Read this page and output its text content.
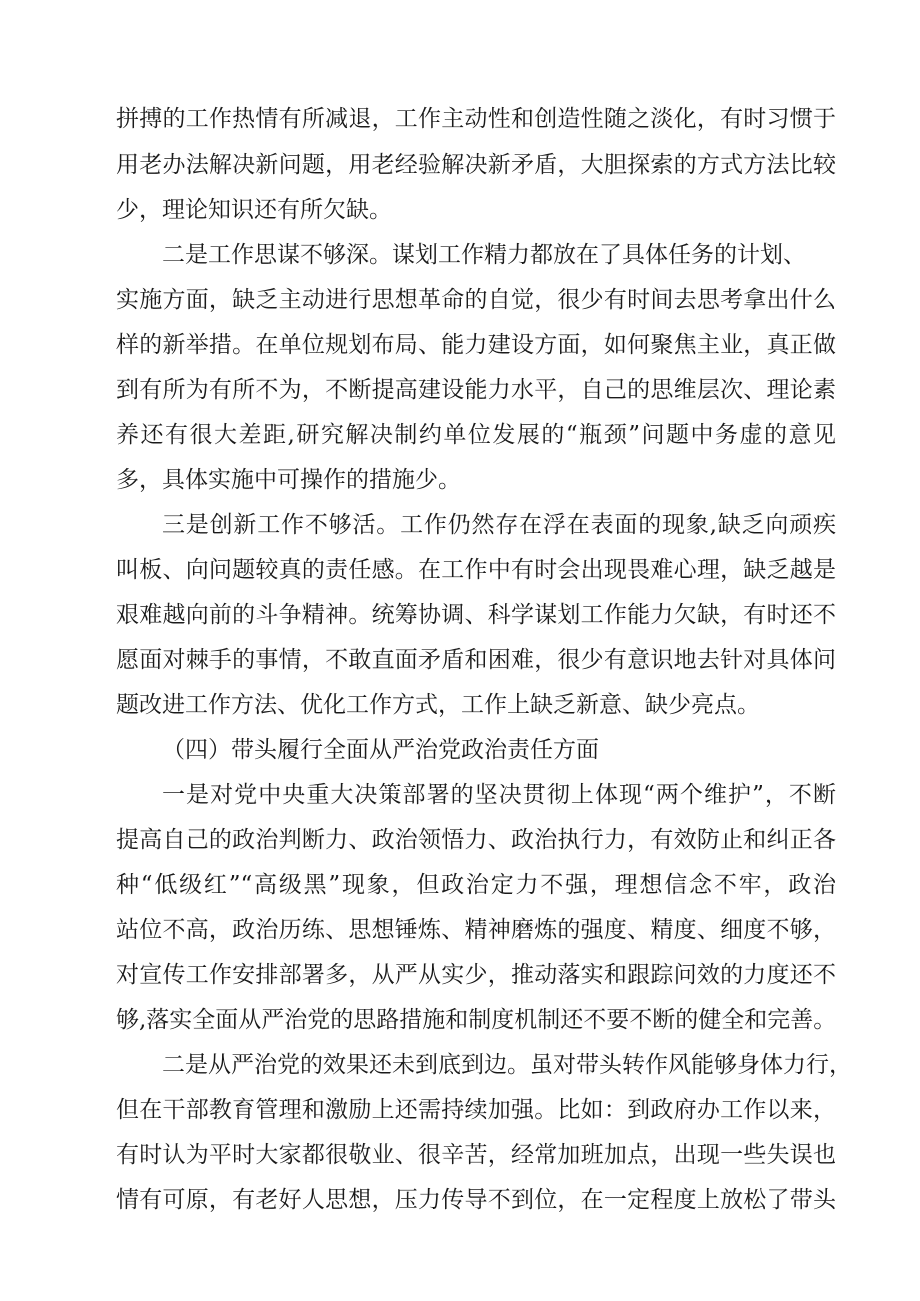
拼搏的工作热情有所减退，工作主动性和创造性随之淡化，有时习惯于
用老办法解决新问题，用老经验解决新矛盾，大胆探索的方式方法比较
少，理论知识还有所欠缺。
二是工作思谋不够深。谋划工作精力都放在了具体任务的计划、
实施方面，缺乏主动进行思想革命的自觉，很少有时间去思考拿出什么
样的新举措。在单位规划布局、能力建设方面，如何聚焦主业，真正做
到有所为有所不为，不断提高建设能力水平，自己的思维层次、理论素
养还有很大差距,研究解决制约单位发展的“瓶颈”问题中务虚的意见
多，具体实施中可操作的措施少。
三是创新工作不够活。工作仍然存在浮在表面的现象,缺乏向顽疾
叫板、向问题较真的责任感。在工作中有时会出现畏难心理，缺乏越是
艰难越向前的斗争精神。统筹协调、科学谋划工作能力欠缺，有时还不
愿面对棘手的事情，不敢直面矛盾和困难，很少有意识地去针对具体问
题改进工作方法、优化工作方式，工作上缺乏新意、缺少亮点。
（四）带头履行全面从严治党政治责任方面
一是对党中央重大决策部署的坚决贯彻上体现“两个维护”，不断
提高自己的政治判断力、政治领悟力、政治执行力，有效防止和纠正各
种“低级红”“高级黑”现象，但政治定力不强，理想信念不牢，政治
站位不高，政治历练、思想锤炼、精神磨炼的强度、精度、细度不够，
对宣传工作安排部署多，从严从实少，推动落实和跟踪问效的力度还不
够,落实全面从严治党的思路措施和制度机制还不要不断的健全和完善。
二是从严治党的效果还未到底到边。虽对带头转作风能够身体力行，
但在干部教育管理和激励上还需持续加强。比如：到政府办工作以来，
有时认为平时大家都很敬业、很辛苦，经常加班加点，出现一些失误也
情有可原，有老好人思想，压力传导不到位，在一定程度上放松了带头
